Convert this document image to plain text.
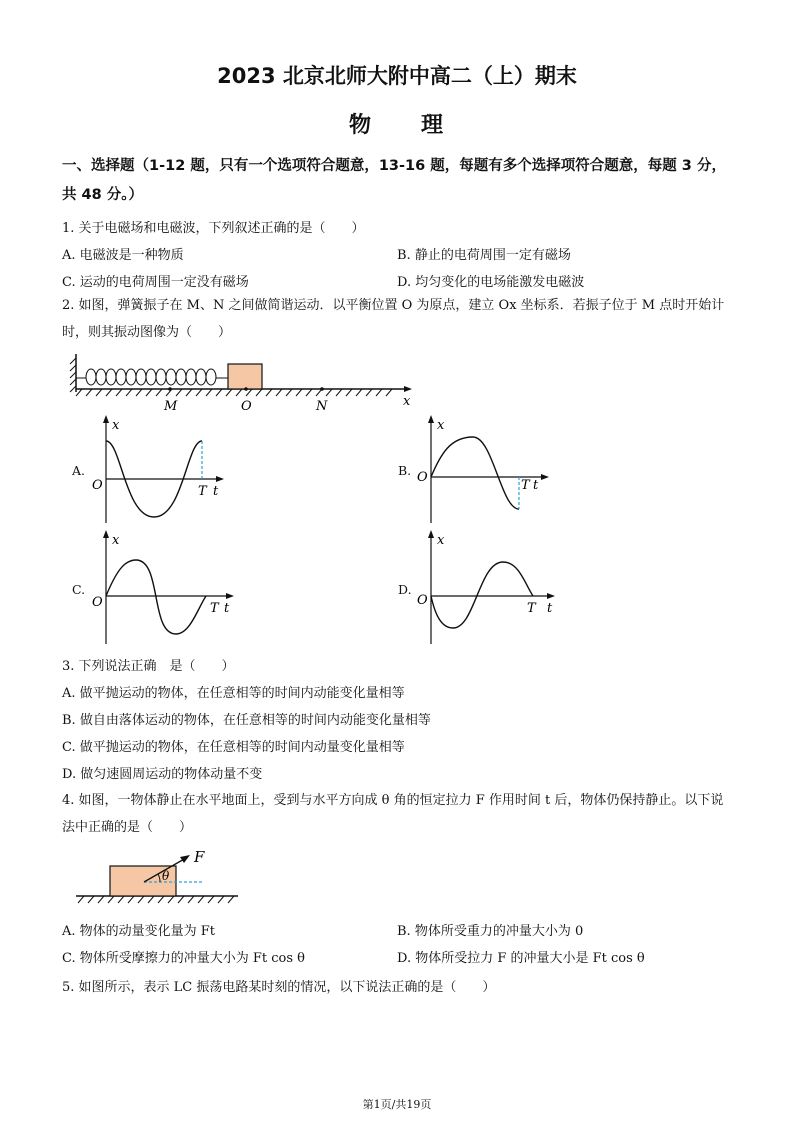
2023 北京北师大附中高二（上）期末
物　　理
一、选择题（1-12 题，只有一个选项符合题意，13-16 题，每题有多个选择项符合题意，每题 3 分，共 48 分。）
1. 关于电磁场和电磁波，下列叙述正确的是（　　）
A. 电磁波是一种物质	B. 静止的电荷周围一定有磁场
C. 运动的电荷周围一定没有磁场	D. 均匀变化的电场能激发电磁波
2. 如图，弹簧振子在 M、N 之间做简谐运动．以平衡位置 O 为原点，建立 Ox 坐标系．若振子位于 M 点时开始计时，则其振动图像为（　　）
M	O	N	x
A.
x
O	T t
B.
x
O
T t
C.
x
O	T t
D.
x
O
T t
3. 下列说法正确　是（　　）
A. 做平抛运动的物体，在任意相等的时间内动能变化量相等
B. 做自由落体运动的物体，在任意相等的时间内动能变化量相等
C. 做平抛运动的物体，在任意相等的时间内动量变化量相等
D. 做匀速圆周运动的物体动量不变
4. 如图，一物体静止在水平地面上，受到与水平方向成 θ 角的恒定拉力 F 作用时间 t 后，物体仍保持静止。以下说法中正确的是（　　）
F
θ
A. 物体的动量变化量为 Ft	B. 物体所受重力的冲量大小为 0
C. 物体所受摩擦力的冲量大小为 Ft cos θ	D. 物体所受拉力 F 的冲量大小是 Ft cos θ
5. 如图所示，表示 LC 振荡电路某时刻的情况，以下说法正确的是（　　）
第1页/共19页
